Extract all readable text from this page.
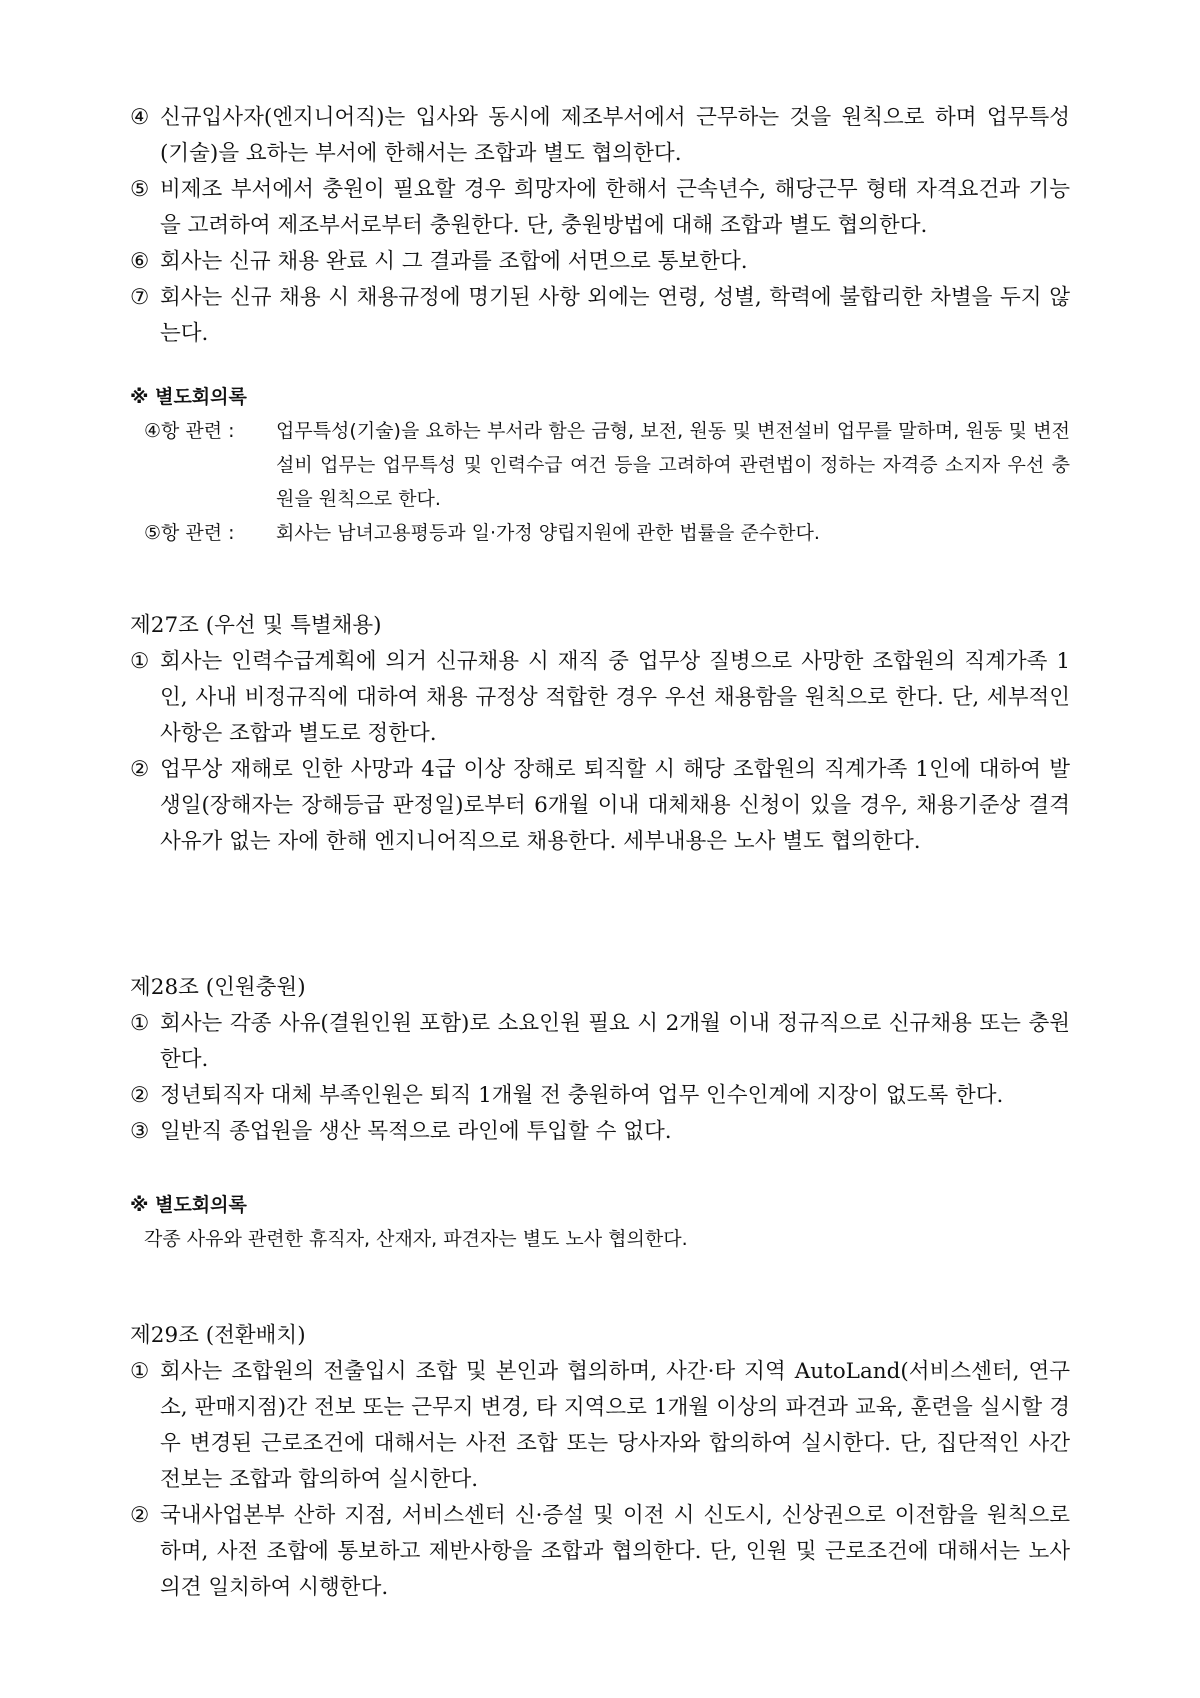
④ 신규입사자(엔지니어직)는 입사와 동시에 제조부서에서 근무하는 것을 원칙으로 하며 업무특성(기술)을 요하는 부서에 한해서는 조합과 별도 협의한다.

⑤ 비제조 부서에서 충원이 필요할 경우 희망자에 한해서 근속년수, 해당근무 형태 자격요건과 기능을 고려하여 제조부서로부터 충원한다. 단, 충원방법에 대해 조합과 별도 협의한다.

⑥ 회사는 신규 채용 완료 시 그 결과를 조합에 서면으로 통보한다.

⑦ 회사는 신규 채용 시 채용규정에 명기된 사항 외에는 연령, 성별, 학력에 불합리한 차별을 두지 않는다.

※ 별도회의록

④항 관련 :	업무특성(기술)을 요하는 부서라 함은 금형, 보전, 원동 및 변전설비 업무를 말하며, 원동 및 변전설비 업무는 업무특성 및 인력수급 여건 등을 고려하여 관련법이 정하는 자격증 소지자 우선 충원을 원칙으로 한다.
⑤항 관련 :	회사는 남녀고용평등과 일·가정 양립지원에 관한 법률을 준수한다.

제27조 (우선 및 특별채용)

① 회사는 인력수급계획에 의거 신규채용 시 재직 중 업무상 질병으로 사망한 조합원의 직계가족 1인, 사내 비정규직에 대하여 채용 규정상 적합한 경우 우선 채용함을 원칙으로 한다. 단, 세부적인 사항은 조합과 별도로 정한다.

② 업무상 재해로 인한 사망과 4급 이상 장해로 퇴직할 시 해당 조합원의 직계가족 1인에 대하여 발생일(장해자는 장해등급 판정일)로부터 6개월 이내 대체채용 신청이 있을 경우, 채용기준상 결격사유가 없는 자에 한해 엔지니어직으로 채용한다. 세부내용은 노사 별도 협의한다.

제28조 (인원충원)

① 회사는 각종 사유(결원인원 포함)로 소요인원 필요 시 2개월 이내 정규직으로 신규채용 또는 충원한다.

② 정년퇴직자 대체 부족인원은 퇴직 1개월 전 충원하여 업무 인수인계에 지장이 없도록 한다.

③ 일반직 종업원을 생산 목적으로 라인에 투입할 수 없다.

※ 별도회의록

각종 사유와 관련한 휴직자, 산재자, 파견자는 별도 노사 협의한다.

제29조 (전환배치)

① 회사는 조합원의 전출입시 조합 및 본인과 협의하며, 사간·타 지역 AutoLand(서비스센터, 연구소, 판매지점)간 전보 또는 근무지 변경, 타 지역으로 1개월 이상의 파견과 교육, 훈련을 실시할 경우 변경된 근로조건에 대해서는 사전 조합 또는 당사자와 합의하여 실시한다. 단, 집단적인 사간 전보는 조합과 합의하여 실시한다.

② 국내사업본부 산하 지점, 서비스센터 신·증설 및 이전 시 신도시, 신상권으로 이전함을 원칙으로 하며, 사전 조합에 통보하고 제반사항을 조합과 협의한다. 단, 인원 및 근로조건에 대해서는 노사의견 일치하여 시행한다.
